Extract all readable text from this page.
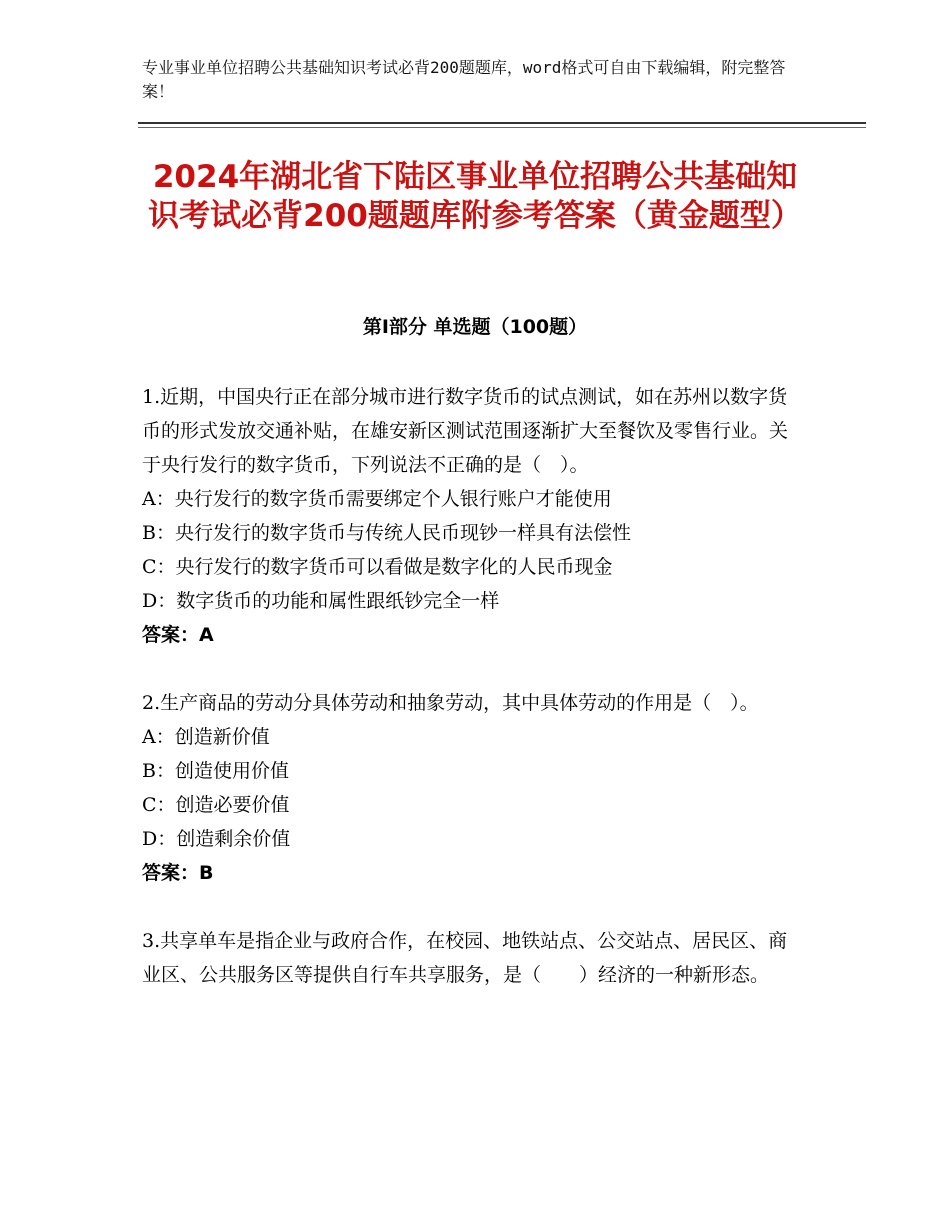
专业事业单位招聘公共基础知识考试必背200题题库，word格式可自由下载编辑，附完整答案！
2024年湖北省下陆区事业单位招聘公共基础知识考试必背200题题库附参考答案（黄金题型）
第Ⅰ部分 单选题（100题）

1.近期，中国央行正在部分城市进行数字货币的试点测试，如在苏州以数字货币的形式发放交通补贴，在雄安新区测试范围逐渐扩大至餐饮及零售行业。关于央行发行的数字货币，下列说法不正确的是（　）。

A：央行发行的数字货币需要绑定个人银行账户才能使用

B：央行发行的数字货币与传统人民币现钞一样具有法偿性

C：央行发行的数字货币可以看做是数字化的人民币现金

D：数字货币的功能和属性跟纸钞完全一样

答案：A

2.生产商品的劳动分具体劳动和抽象劳动，其中具体劳动的作用是（　）。

A：创造新价值

B：创造使用价值

C：创造必要价值

D：创造剩余价值

答案：B

3.共享单车是指企业与政府合作，在校园、地铁站点、公交站点、居民区、商业区、公共服务区等提供自行车共享服务，是（　　）经济的一种新形态。
